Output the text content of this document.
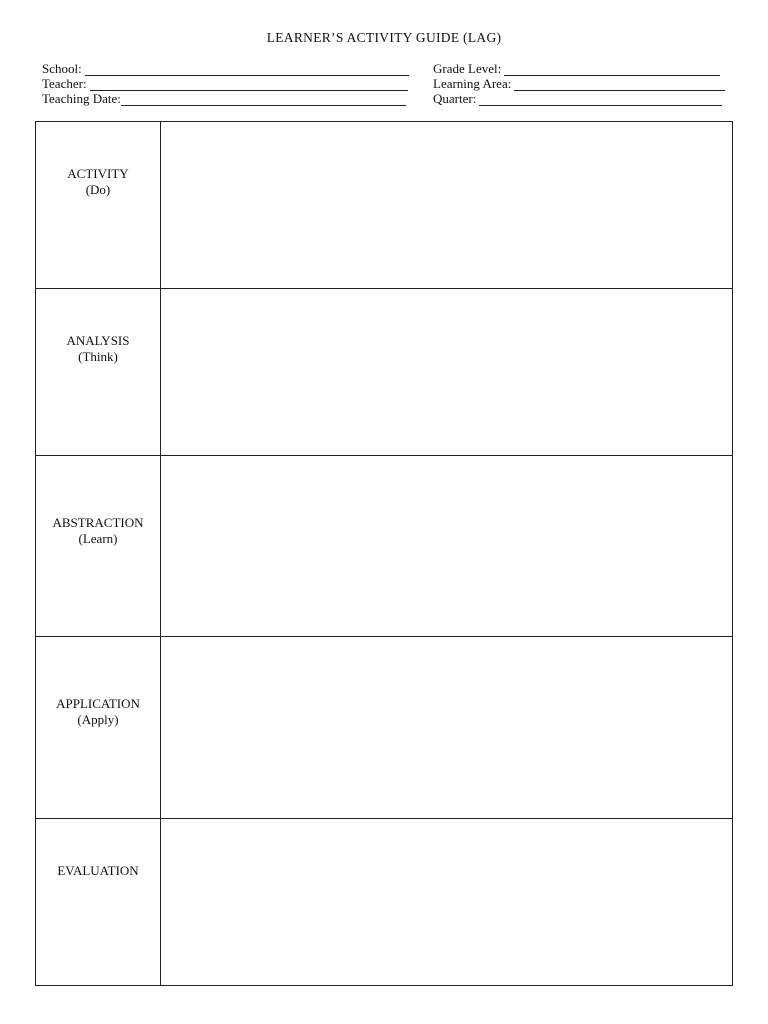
LEARNER’S ACTIVITY GUIDE (LAG)
School:
Teacher:
Teaching Date:
Grade Level:
Learning Area:
Quarter:
ACTIVITY
(Do)	

ANALYSIS
(Think)	

ABSTRACTION
(Learn)	

APPLICATION
(Apply)	

EVALUATION	
